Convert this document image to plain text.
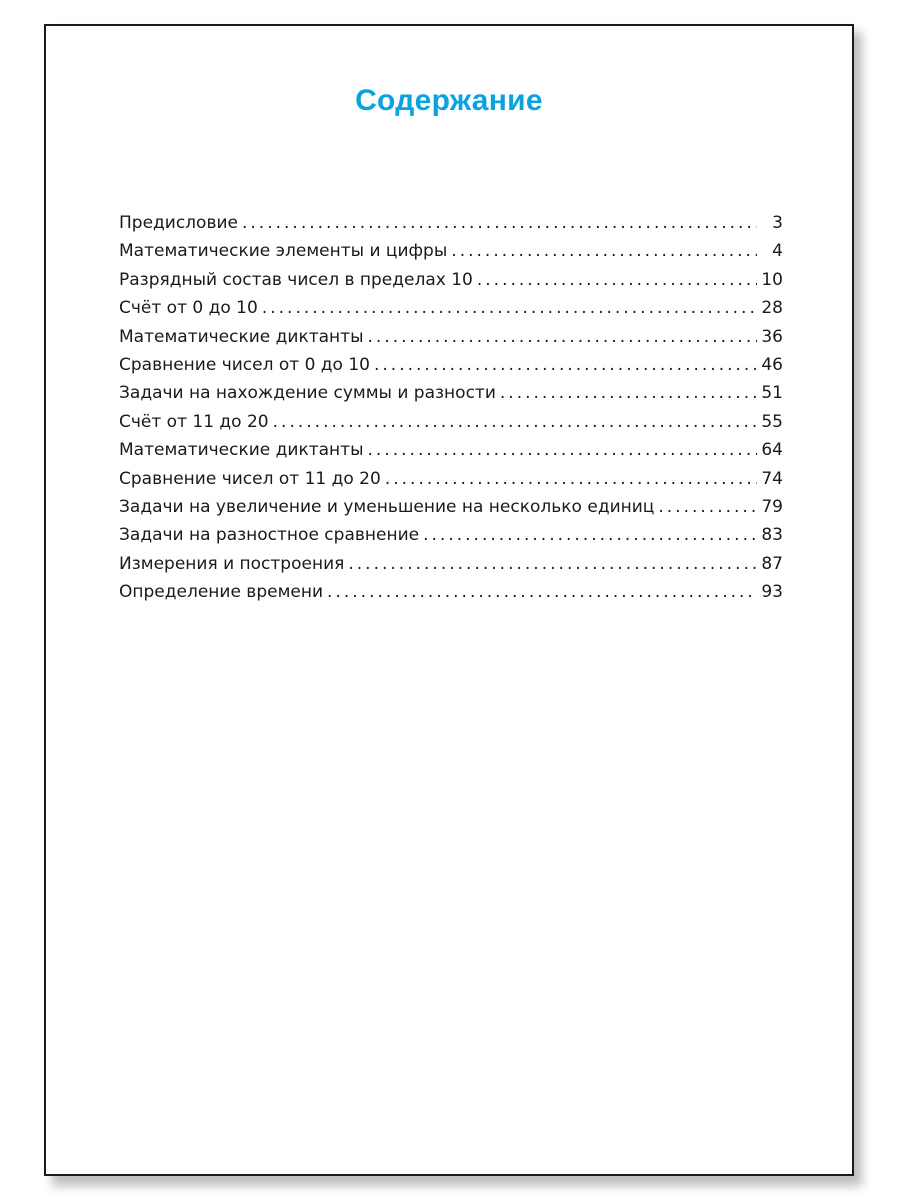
Содержание
Предисловие . . .	3
Математические элементы и цифры . . .	4
Разрядный состав чисел в пределах 10 . . .	10
Счёт от 0 до 10 . . .	28
Математические диктанты . . .	36
Сравнение чисел от 0 до 10 . . .	46
Задачи на нахождение суммы и разности . . .	51
Счёт от 11 до 20 . . .	55
Математические диктанты . . .	64
Сравнение чисел от 11 до 20 . . .	74
Задачи на увеличение и уменьшение на несколько единиц . . .	79
Задачи на разностное сравнение . . .	83
Измерения и построения . . .	87
Определение времени . . .	93
